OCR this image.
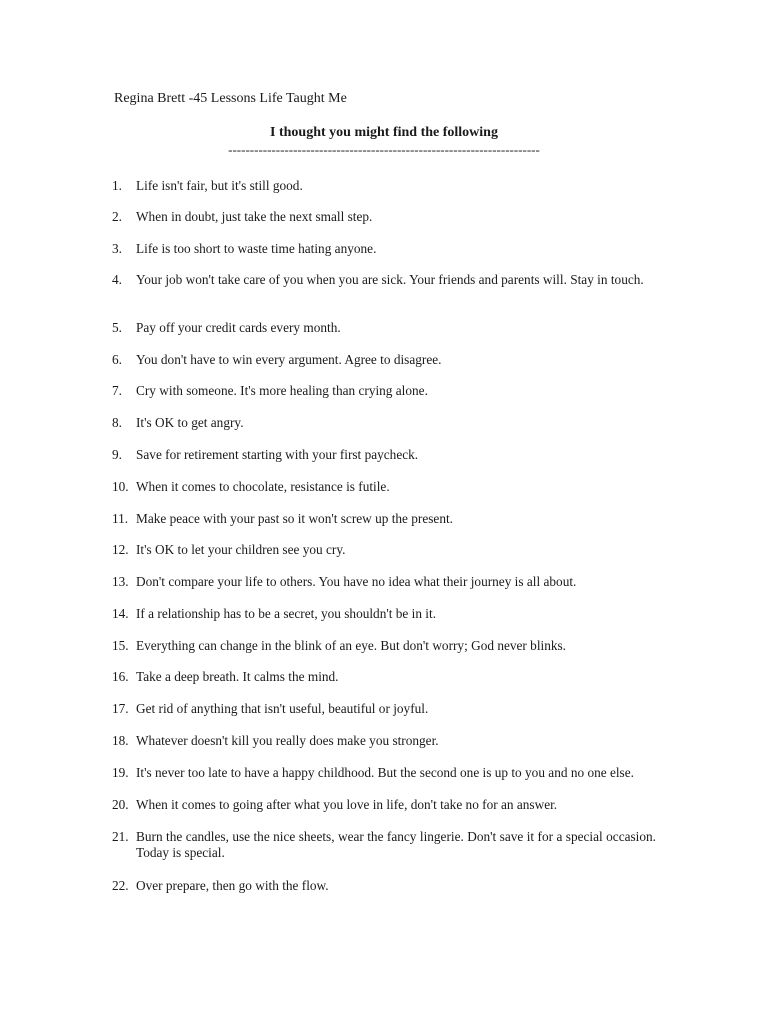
Regina Brett -45 Lessons Life Taught Me
I thought you might find the following
------------------------------------------------------------------------
1.	Life isn't fair, but it's still good.
2.	When in doubt, just take the next small step.
3.	Life is too short to waste time hating anyone.
4.	Your job won't take care of you when you are sick. Your friends and parents will. Stay in touch.
5.	Pay off your credit cards every month.
6.	You don't have to win every argument. Agree to disagree.
7.	Cry with someone. It's more healing than crying alone.
8.	It's OK to get angry.
9.	Save for retirement starting with your first paycheck.
10. When it comes to chocolate, resistance is futile.
11. Make peace with your past so it won't screw up the present.
12. It's OK to let your children see you cry.
13. Don't compare your life to others. You have no idea what their journey is all about.
14. If a relationship has to be a secret, you shouldn't be in it.
15. Everything can change in the blink of an eye. But don't worry; God never blinks.
16. Take a deep breath. It calms the mind.
17. Get rid of anything that isn't useful, beautiful or joyful.
18. Whatever doesn't kill you really does make you stronger.
19. It's never too late to have a happy childhood. But the second one is up to you and no one else.
20. When it comes to going after what you love in life, don't take no for an answer.
21. Burn the candles, use the nice sheets, wear the fancy lingerie. Don't save it for a special occasion. Today is special.
22. Over prepare, then go with the flow.
